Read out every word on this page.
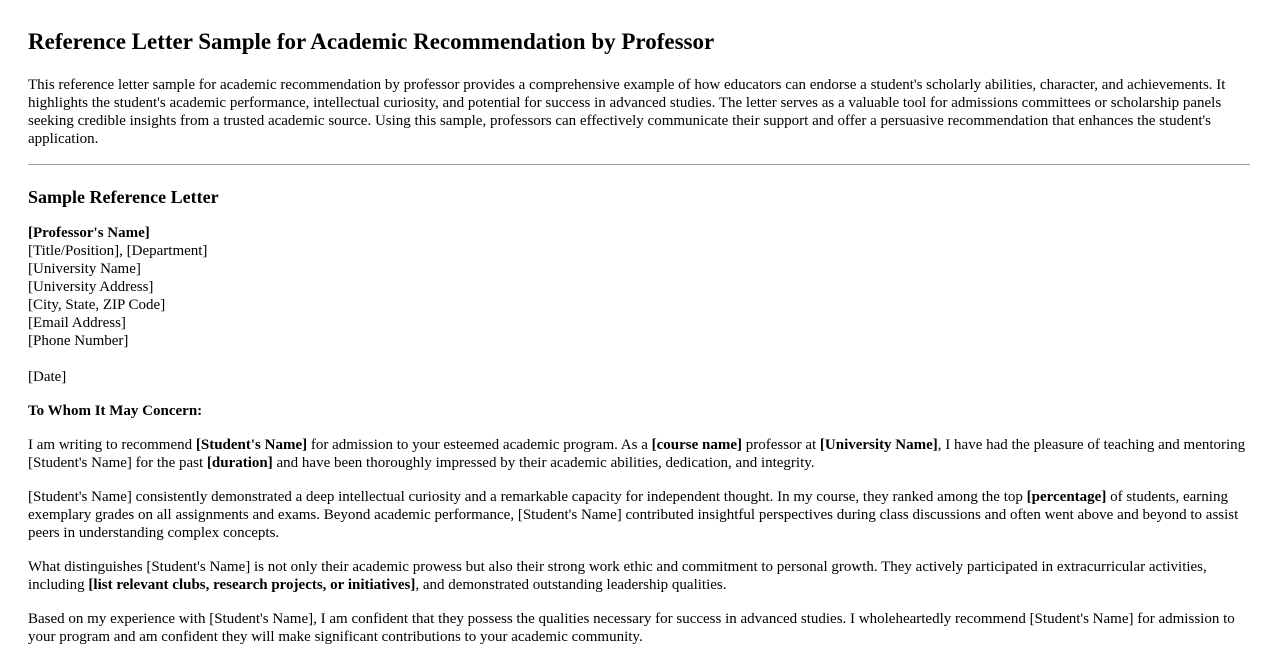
Reference Letter Sample for Academic Recommendation by Professor
This reference letter sample for academic recommendation by professor provides a comprehensive example of how educators can endorse a student's scholarly abilities, character, and achievements. It highlights the student's academic performance, intellectual curiosity, and potential for success in advanced studies. The letter serves as a valuable tool for admissions committees or scholarship panels seeking credible insights from a trusted academic source. Using this sample, professors can effectively communicate their support and offer a persuasive recommendation that enhances the student's application.
Sample Reference Letter
[Professor's Name]
[Title/Position], [Department]
[University Name]
[University Address]
[City, State, ZIP Code]
[Email Address]
[Phone Number]
[Date]
To Whom It May Concern:

I am writing to recommend [Student's Name] for admission to your esteemed academic program. As a [course name] professor at [University Name], I have had the pleasure of teaching and mentoring [Student's Name] for the past [duration] and have been thoroughly impressed by their academic abilities, dedication, and integrity.

[Student's Name] consistently demonstrated a deep intellectual curiosity and a remarkable capacity for independent thought. In my course, they ranked among the top [percentage] of students, earning exemplary grades on all assignments and exams. Beyond academic performance, [Student's Name] contributed insightful perspectives during class discussions and often went above and beyond to assist peers in understanding complex concepts.

What distinguishes [Student's Name] is not only their academic prowess but also their strong work ethic and commitment to personal growth. They actively participated in extracurricular activities, including [list relevant clubs, research projects, or initiatives], and demonstrated outstanding leadership qualities.

Based on my experience with [Student's Name], I am confident that they possess the qualities necessary for success in advanced studies. I wholeheartedly recommend [Student's Name] for admission to your program and am confident they will make significant contributions to your academic community.
